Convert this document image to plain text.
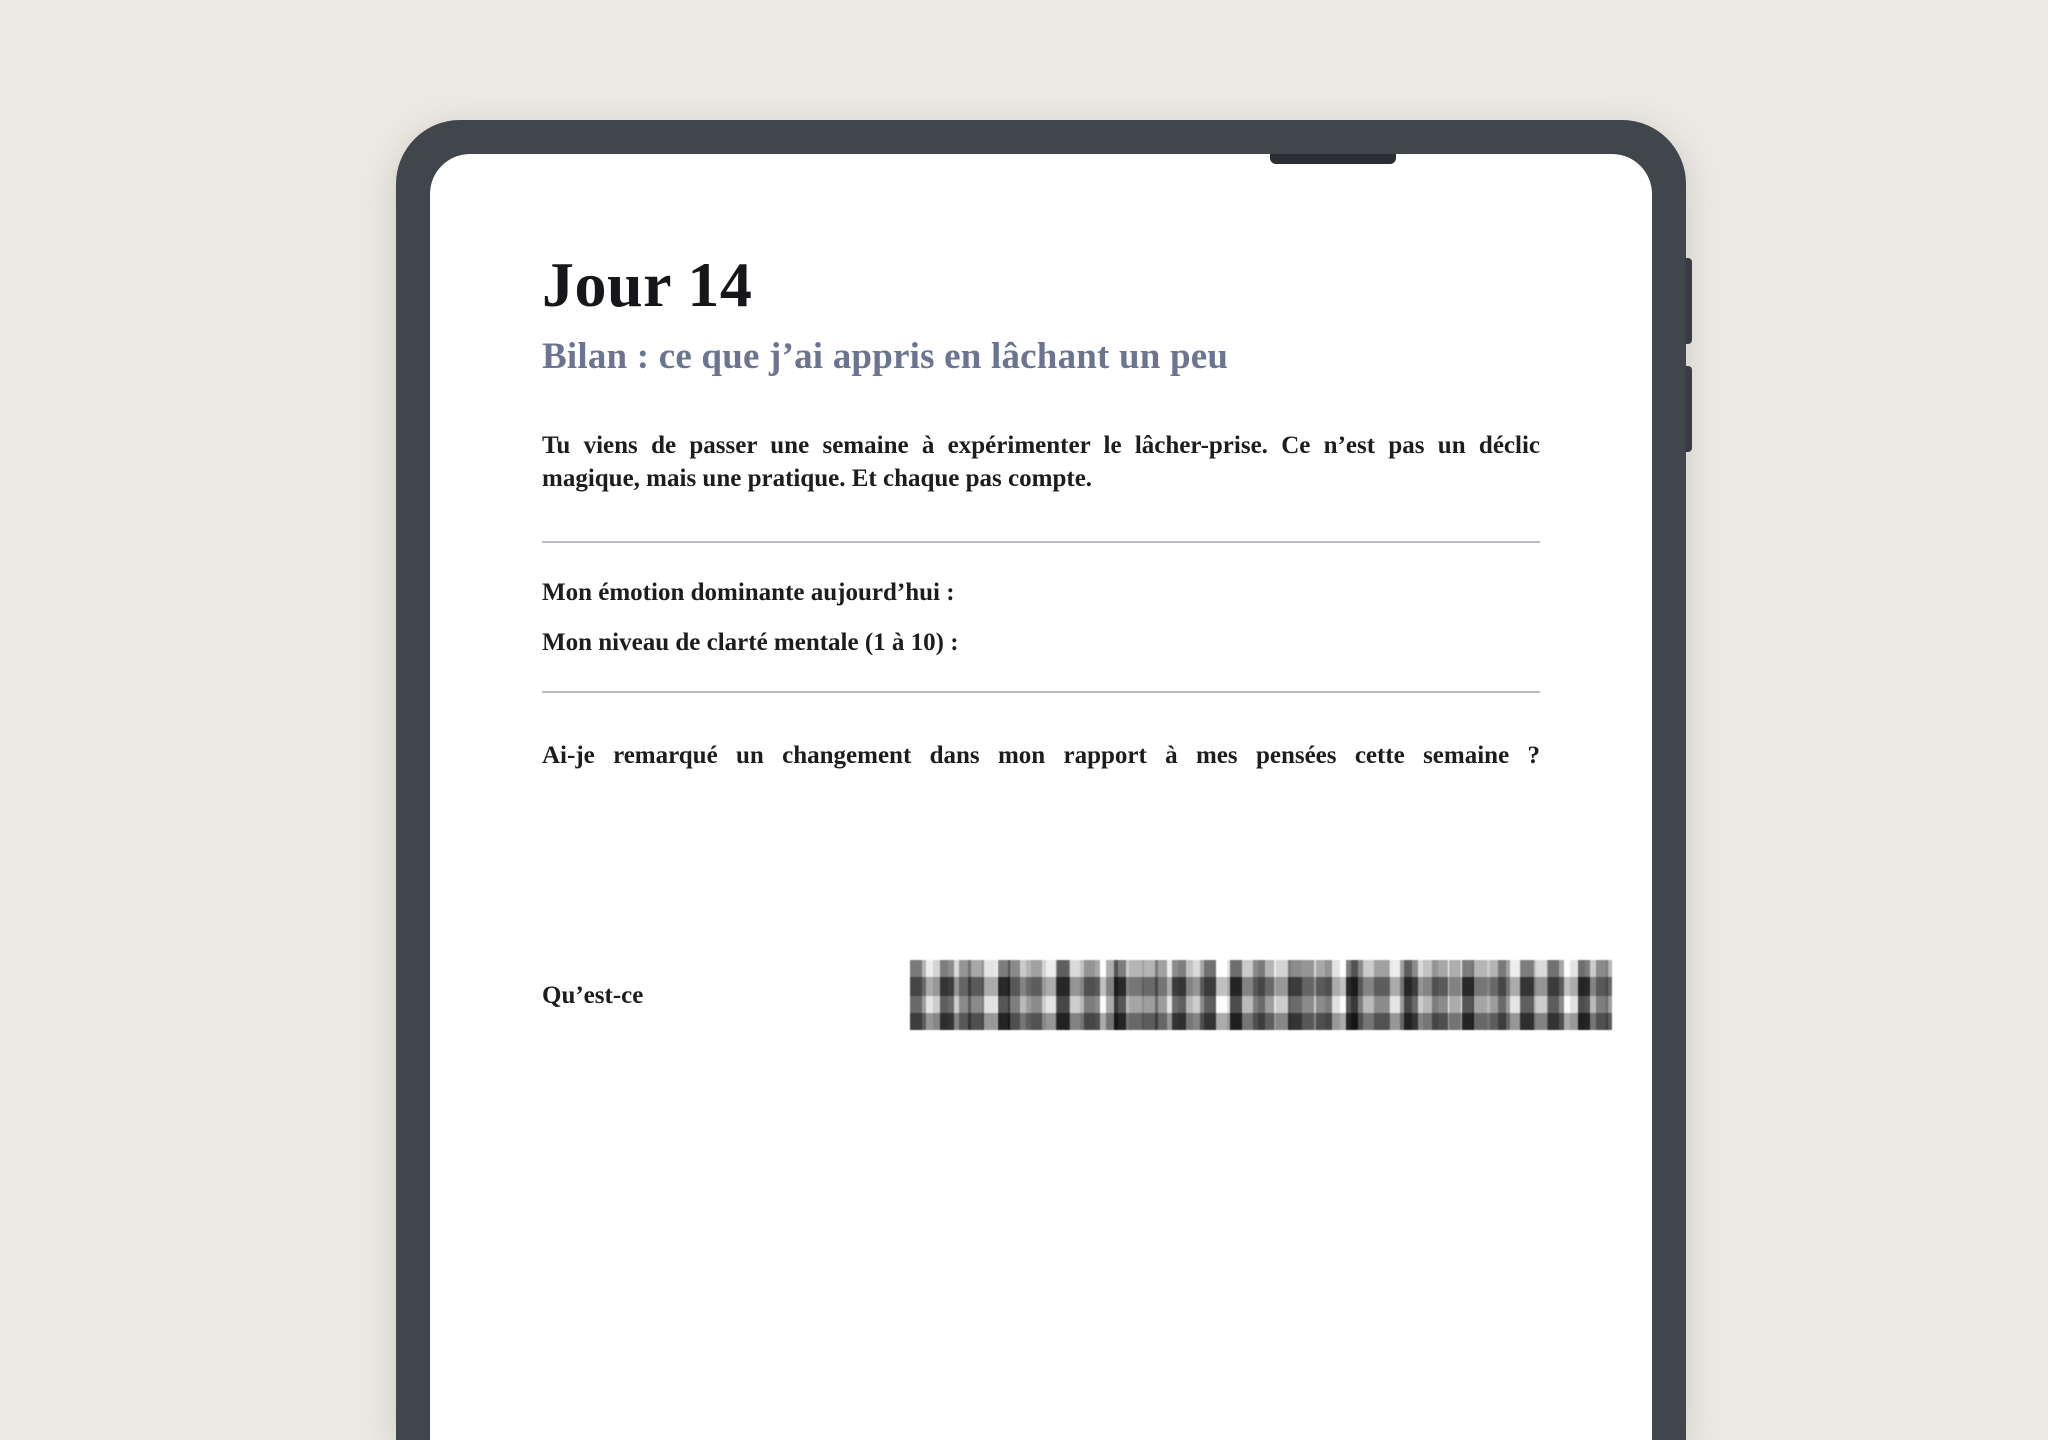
Jour 14
Bilan : ce que j’ai appris en lâchant un peu

Tu viens de passer une semaine à expérimenter le lâcher-prise. Ce n’est pas un déclic magique, mais une pratique. Et chaque pas compte.

Mon émotion dominante aujourd’hui :

Mon niveau de clarté mentale (1 à 10) :

Ai-je remarqué un changement dans mon rapport à mes pensées cette semaine ?

Qu’est-ce
